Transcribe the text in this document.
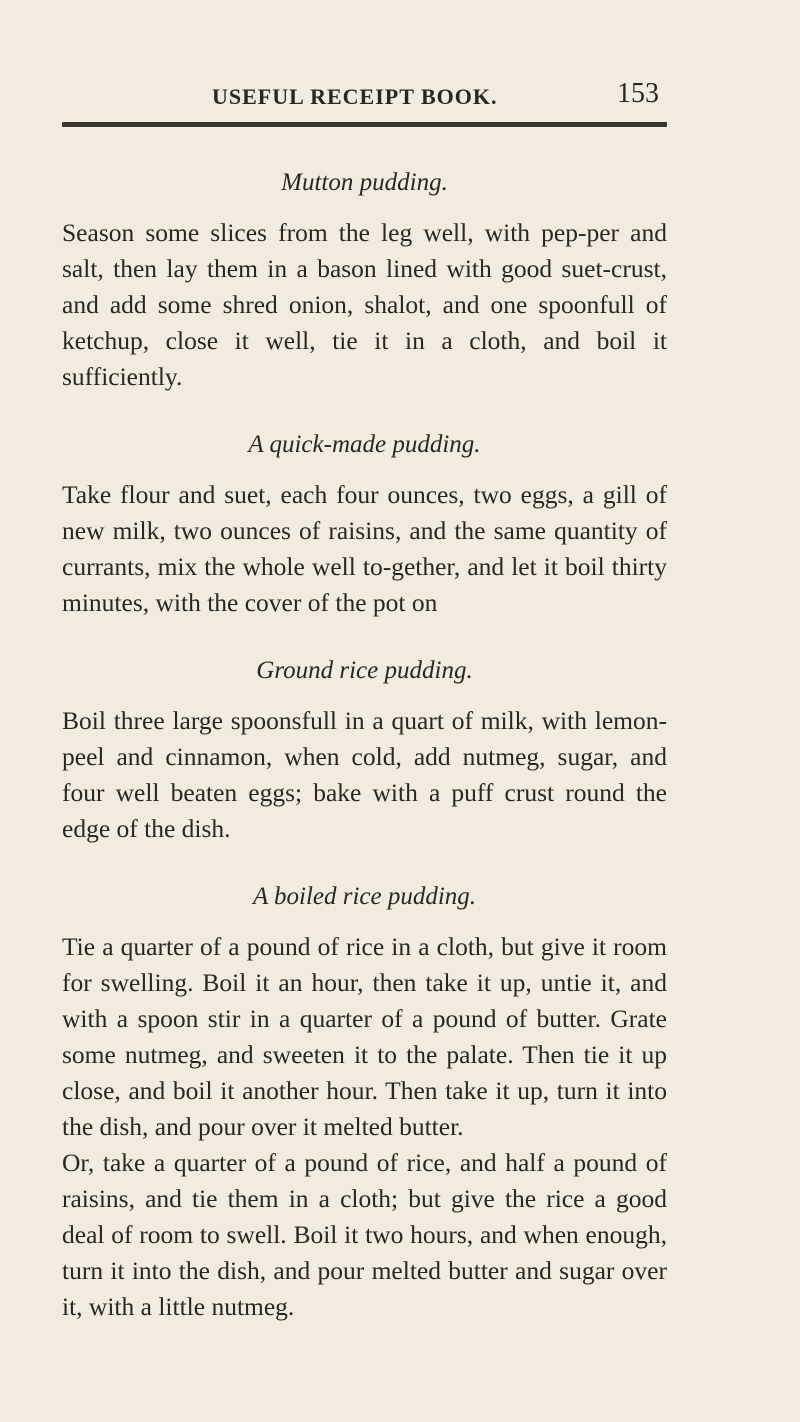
USEFUL RECEIPT BOOK.	153
Mutton pudding.

Season some slices from the leg well, with pep-per and salt, then lay them in a bason lined with good suet-crust, and add some shred onion, shalot, and one spoonfull of ketchup, close it well, tie it in a cloth, and boil it sufficiently.

A quick-made pudding.

Take flour and suet, each four ounces, two eggs, a gill of new milk, two ounces of raisins, and the same quantity of currants, mix the whole well to-gether, and let it boil thirty minutes, with the cover of the pot on

Ground rice pudding.

Boil three large spoonsfull in a quart of milk, with lemon-peel and cinnamon, when cold, add nutmeg, sugar, and four well beaten eggs; bake with a puff crust round the edge of the dish.

A boiled rice pudding.

Tie a quarter of a pound of rice in a cloth, but give it room for swelling. Boil it an hour, then take it up, untie it, and with a spoon stir in a quarter of a pound of butter. Grate some nutmeg, and sweeten it to the palate. Then tie it up close, and boil it another hour. Then take it up, turn it into the dish, and pour over it melted butter.

Or, take a quarter of a pound of rice, and half a pound of raisins, and tie them in a cloth; but give the rice a good deal of room to swell. Boil it two hours, and when enough, turn it into the dish, and pour melted butter and sugar over it, with a little nutmeg.
